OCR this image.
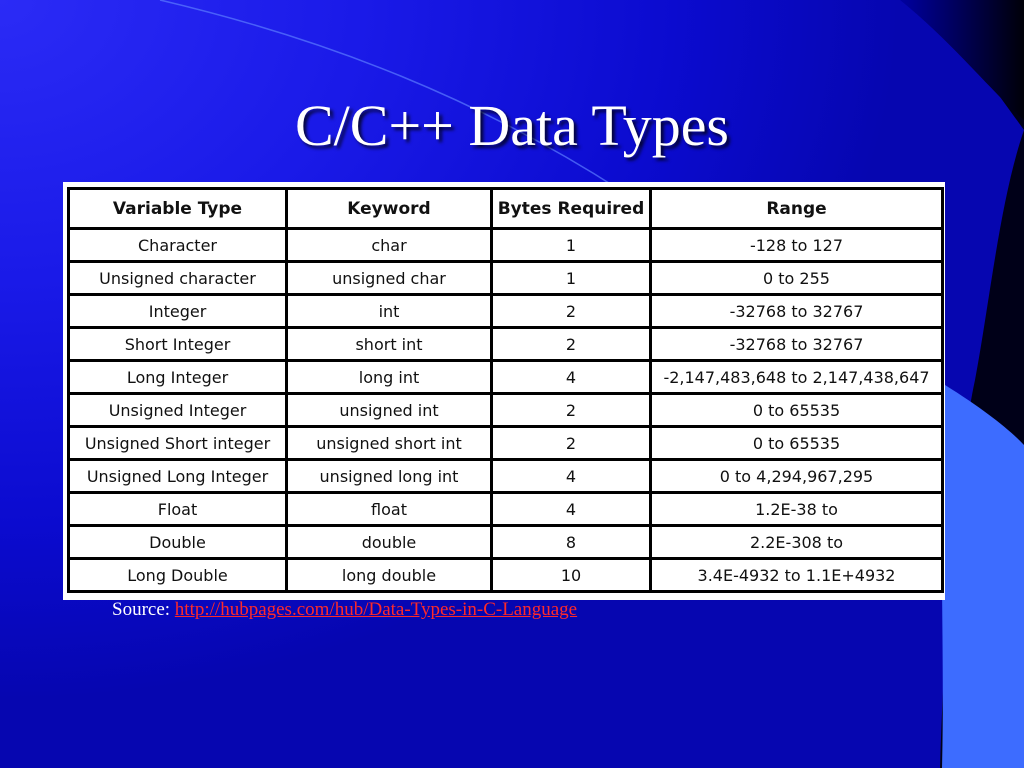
C/C++ Data Types
Variable Type	Keyword	Bytes Required	Range
Character	char	1	-128 to 127
Unsigned character	unsigned char	1	0 to 255
Integer	int	2	-32768 to 32767
Short Integer	short int	2	-32768 to 32767
Long Integer	long int	4	-2,147,483,648 to 2,147,438,647
Unsigned Integer	unsigned int	2	0 to 65535
Unsigned Short integer	unsigned short int	2	0 to 65535
Unsigned Long Integer	unsigned long int	4	0 to 4,294,967,295
Float	float	4	1.2E-38 to
Double	double	8	2.2E-308 to
Long Double	long double	10	3.4E-4932 to 1.1E+4932
Source: http://hubpages.com/hub/Data-Types-in-C-Language
